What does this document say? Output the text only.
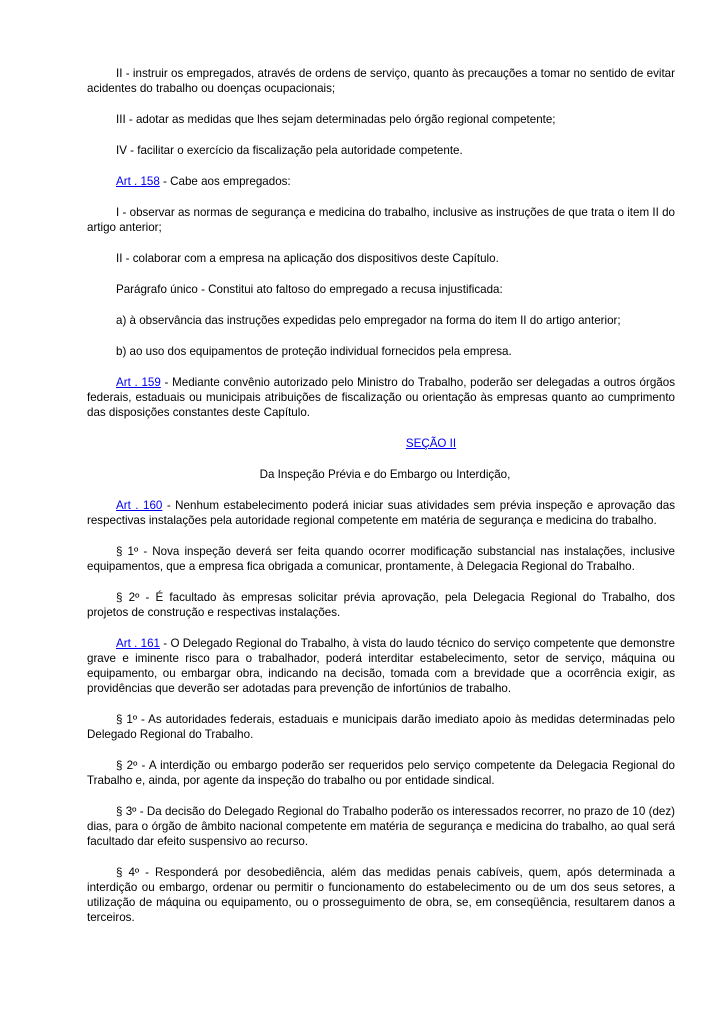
II - instruir os empregados, através de ordens de serviço, quanto às precauções a tomar no sentido de evitar acidentes do trabalho ou doenças ocupacionais;

III - adotar as medidas que lhes sejam determinadas pelo órgão regional competente;

IV - facilitar o exercício da fiscalização pela autoridade competente.

Art . 158 - Cabe aos empregados:

I - observar as normas de segurança e medicina do trabalho, inclusive as instruções de que trata o item II do artigo anterior;

II - colaborar com a empresa na aplicação dos dispositivos deste Capítulo.

Parágrafo único - Constitui ato faltoso do empregado a recusa injustificada:

a) à observância das instruções expedidas pelo empregador na forma do item II do artigo anterior;

b) ao uso dos equipamentos de proteção individual fornecidos pela empresa.

Art . 159 - Mediante convênio autorizado pelo Ministro do Trabalho, poderão ser delegadas a outros órgãos federais, estaduais ou municipais atribuições de fiscalização ou orientação às empresas quanto ao cumprimento das disposições constantes deste Capítulo.

SEÇÃO II

Da Inspeção Prévia e do Embargo ou Interdição,

Art . 160 - Nenhum estabelecimento poderá iniciar suas atividades sem prévia inspeção e aprovação das respectivas instalações pela autoridade regional competente em matéria de segurança e medicina do trabalho.

§ 1º - Nova inspeção deverá ser feita quando ocorrer modificação substancial nas instalações, inclusive equipamentos, que a empresa fica obrigada a comunicar, prontamente, à Delegacia Regional do Trabalho.

§ 2º - É facultado às empresas solicitar prévia aprovação, pela Delegacia Regional do Trabalho, dos projetos de construção e respectivas instalações.

Art . 161 - O Delegado Regional do Trabalho, à vista do laudo técnico do serviço competente que demonstre grave e iminente risco para o trabalhador, poderá interditar estabelecimento, setor de serviço, máquina ou equipamento, ou embargar obra, indicando na decisão, tomada com a brevidade que a ocorrência exigir, as providências que deverão ser adotadas para prevenção de infortúnios de trabalho.

§ 1º - As autoridades federais, estaduais e municipais darão imediato apoio às medidas determinadas pelo Delegado Regional do Trabalho.

§ 2º - A interdição ou embargo poderão ser requeridos pelo serviço competente da Delegacia Regional do Trabalho e, ainda, por agente da inspeção do trabalho ou por entidade sindical.

§ 3º - Da decisão do Delegado Regional do Trabalho poderão os interessados recorrer, no prazo de 10 (dez) dias, para o órgão de âmbito nacional competente em matéria de segurança e medicina do trabalho, ao qual será facultado dar efeito suspensivo ao recurso.

§ 4º - Responderá por desobediência, além das medidas penais cabíveis, quem, após determinada a interdição ou embargo, ordenar ou permitir o funcionamento do estabelecimento ou de um dos seus setores, a utilização de máquina ou equipamento, ou o prosseguimento de obra, se, em conseqüência, resultarem danos a terceiros.
